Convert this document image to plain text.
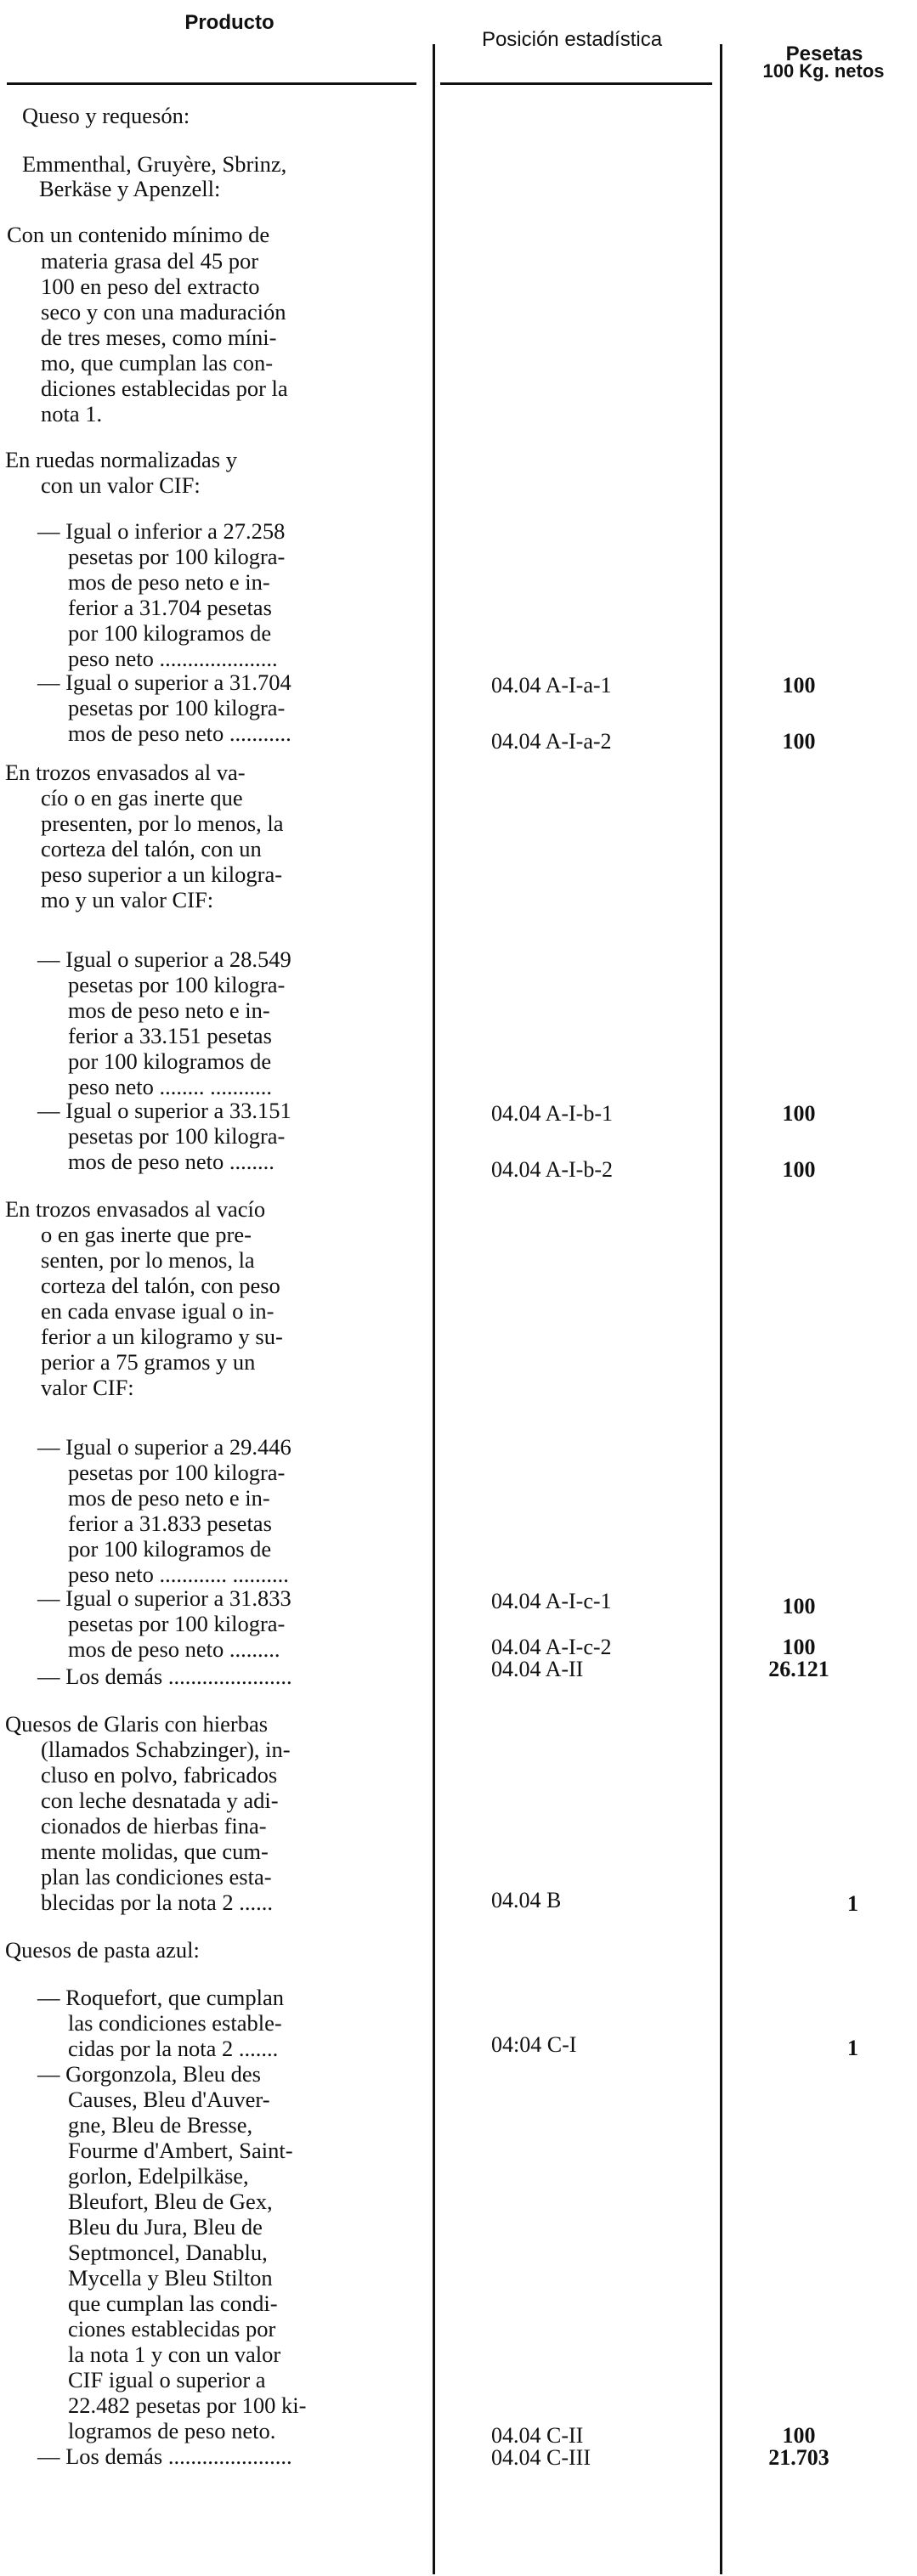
Producto
Posición estadística
Pesetas
100 Kg. netos
Queso y requesón:
Emmenthal, Gruyère, Sbrinz,
Berkäse y Apenzell:
Con un contenido mínimo de
materia grasa del 45 por
100 en peso del extracto
seco y con una maduración
de tres meses, como míni-
mo, que cumplan las con-
diciones establecidas por la
nota 1.
En ruedas normalizadas y
con un valor CIF:
— Igual o inferior a 27.258
pesetas por 100 kilogra-
mos de peso neto e in-
ferior a 31.704 pesetas
por 100 kilogramos de
peso neto .....................
— Igual o superior a 31.704
pesetas por 100 kilogra-
mos de peso neto ...........
En trozos envasados al va-
cío o en gas inerte que
presenten, por lo menos, la
corteza del talón, con un
peso superior a un kilogra-
mo y un valor CIF:
— Igual o superior a 28.549
pesetas por 100 kilogra-
mos de peso neto e in-
ferior a 33.151 pesetas
por 100 kilogramos de
peso neto ........ ...........
— Igual o superior a 33.151
pesetas por 100 kilogra-
mos de peso neto ........
En trozos envasados al vacío
o en gas inerte que pre-
senten, por lo menos, la
corteza del talón, con peso
en cada envase igual o in-
ferior a un kilogramo y su-
perior a 75 gramos y un
valor CIF:
— Igual o superior a 29.446
pesetas por 100 kilogra-
mos de peso neto e in-
ferior a 31.833 pesetas
por 100 kilogramos de
peso neto ............ ..........
— Igual o superior a 31.833
pesetas por 100 kilogra-
mos de peso neto .........
— Los demás ......................
Quesos de Glaris con hierbas
(llamados Schabzinger), in-
cluso en polvo, fabricados
con leche desnatada y adi-
cionados de hierbas fina-
mente molidas, que cum-
plan las condiciones esta-
blecidas por la nota 2 ......
Quesos de pasta azul:
— Roquefort, que cumplan
las condiciones estable-
cidas por la nota 2 .......
— Gorgonzola, Bleu des
Causes, Bleu d'Auver-
gne, Bleu de Bresse,
Fourme d'Ambert, Saint-
gorlon, Edelpilkäse,
Bleufort, Bleu de Gex,
Bleu du Jura, Bleu de
Septmoncel, Danablu,
Mycella y Bleu Stilton
que cumplan las condi-
ciones establecidas por
la nota 1 y con un valor
CIF igual o superior a
22.482 pesetas por 100 ki-
logramos de peso neto.
— Los demás ......................
04.04 A-I-a-1
04.04 A-I-a-2
04.04 A-I-b-1
04.04 A-I-b-2
04.04 A-I-c-1
04.04 A-I-c-2
04.04 A-II
04.04 B
04:04 C-I
04.04 C-II
04.04 C-III
100
100
100
100
100
100
26.121
1
1
100
21.703
